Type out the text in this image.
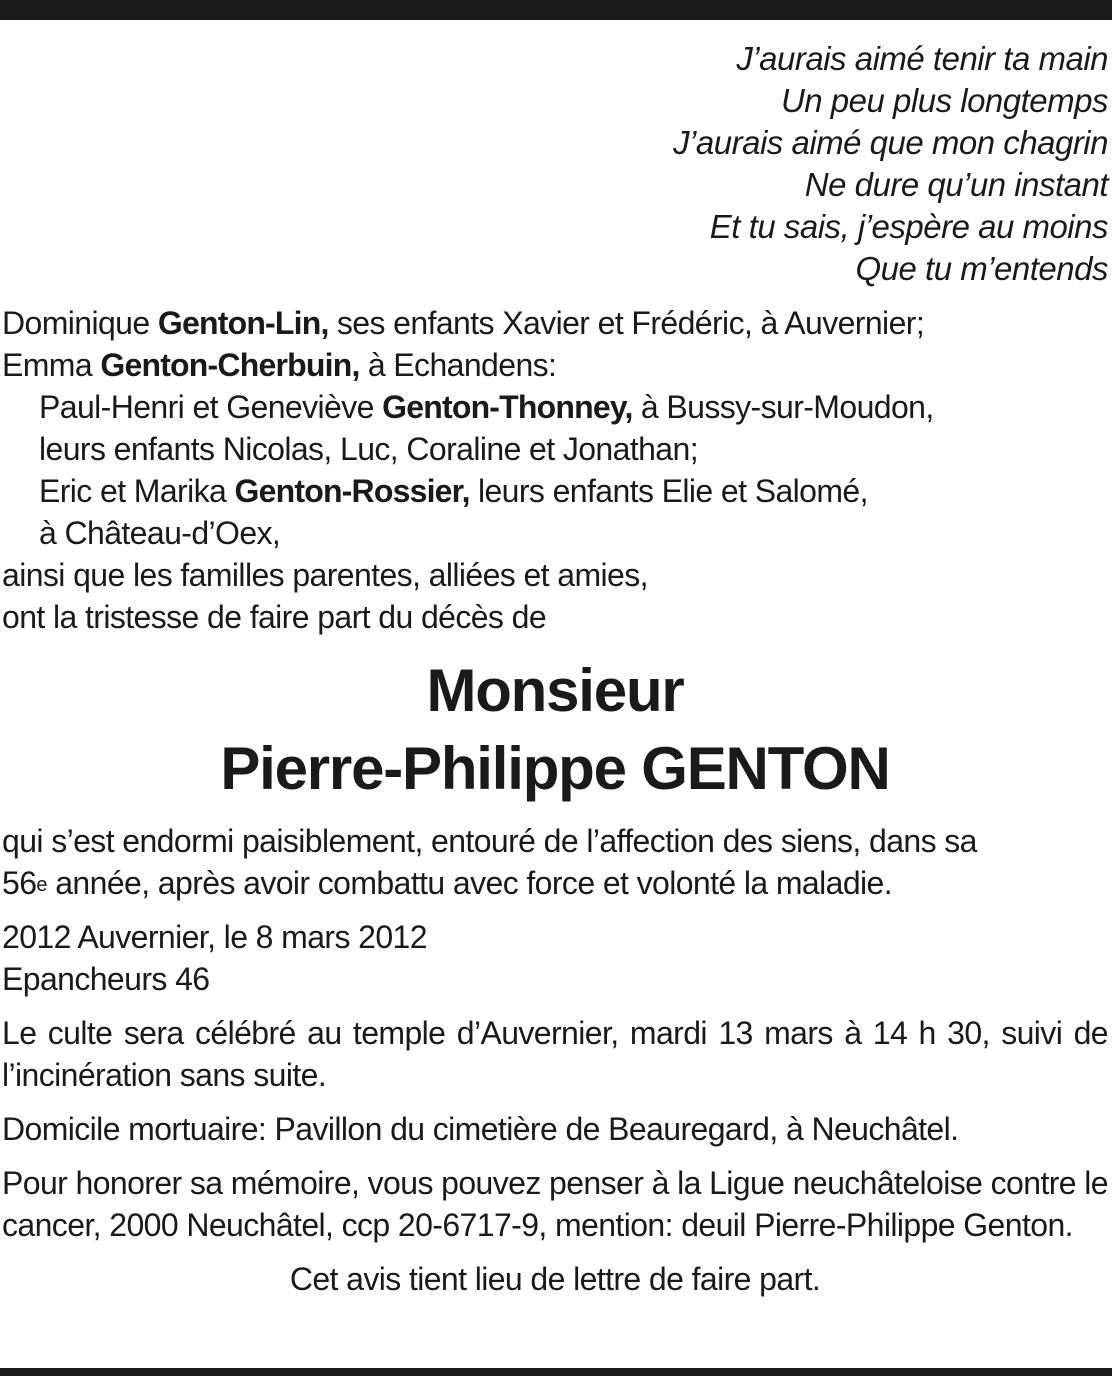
J’aurais aimé tenir ta main
Un peu plus longtemps
J’aurais aimé que mon chagrin
Ne dure qu’un instant
Et tu sais, j’espère au moins
Que tu m’entends
Dominique Genton-Lin, ses enfants Xavier et Frédéric, à Auvernier;
Emma Genton-Cherbuin, à Echandens:
Paul-Henri et Geneviève Genton-Thonney, à Bussy-sur-Moudon,
leurs enfants Nicolas, Luc, Coraline et Jonathan;
Eric et Marika Genton-Rossier, leurs enfants Elie et Salomé,
à Château-d’Oex,
ainsi que les familles parentes, alliées et amies,
ont la tristesse de faire part du décès de
Monsieur
Pierre-Philippe GENTON

qui s’est endormi paisiblement, entouré de l’affection des siens, dans sa
56e année, après avoir combattu avec force et volonté la maladie.

2012 Auvernier, le 8 mars 2012

Epancheurs 46

Le culte sera célébré au temple d’Auvernier, mardi 13 mars à 14 h 30, suivi de l’incinération sans suite.

Domicile mortuaire: Pavillon du cimetière de Beauregard, à Neuchâtel.

Pour honorer sa mémoire, vous pouvez penser à la Ligue neuchâteloise contre le cancer, 2000 Neuchâtel, ccp 20-6717-9, mention: deuil Pierre-Philippe Genton.

Cet avis tient lieu de lettre de faire part.
